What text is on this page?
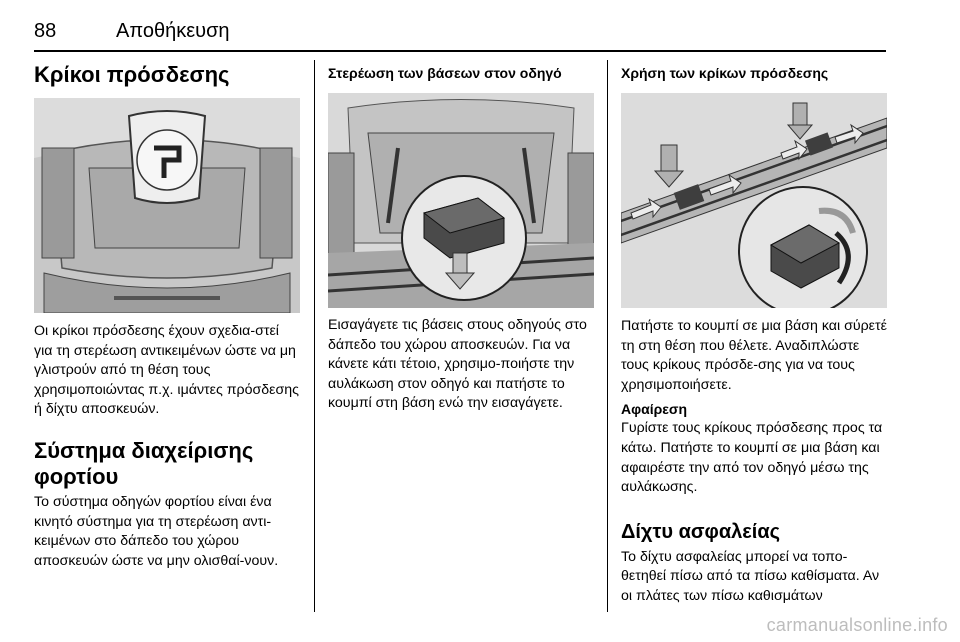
88	Αποθήκευση
Κρίκοι πρόσδεσης

Οι κρίκοι πρόσδεσης έχουν σχεδια-στεί για τη στερέωση αντικειμένων ώστε να μη γλιστρούν από τη θέση τους χρησιμοποιώντας π.χ. ιμάντες πρόσδεσης ή δίχτυ αποσκευών.

Σύστημα διαχείρισης φορτίου

Το σύστημα οδηγών φορτίου είναι ένα κινητό σύστημα για τη στερέωση αντι-κειμένων στο δάπεδο του χώρου αποσκευών ώστε να μην ολισθαί-νουν.

Στερέωση των βάσεων στον οδηγό

Εισαγάγετε τις βάσεις στους οδηγούς στο δάπεδο του χώρου αποσκευών. Για να κάνετε κάτι τέτοιο, χρησιμο-ποιήστε την αυλάκωση στον οδηγό και πατήστε το κουμπί στη βάση ενώ την εισαγάγετε.

Χρήση των κρίκων πρόσδεσης

Πατήστε το κουμπί σε μια βάση και σύρετέ τη στη θέση που θέλετε. Αναδιπλώστε τους κρίκους πρόσδε-σης για να τους χρησιμοποιήσετε.

Αφαίρεση

Γυρίστε τους κρίκους πρόσδεσης προς τα κάτω. Πατήστε το κουμπί σε μια βάση και αφαιρέστε την από τον οδηγό μέσω της αυλάκωσης.

Δίχτυ ασφαλείας

Το δίχτυ ασφαλείας μπορεί να τοπο-θετηθεί πίσω από τα πίσω καθίσματα. Αν οι πλάτες των πίσω καθισμάτων

carmanualsonline.info
